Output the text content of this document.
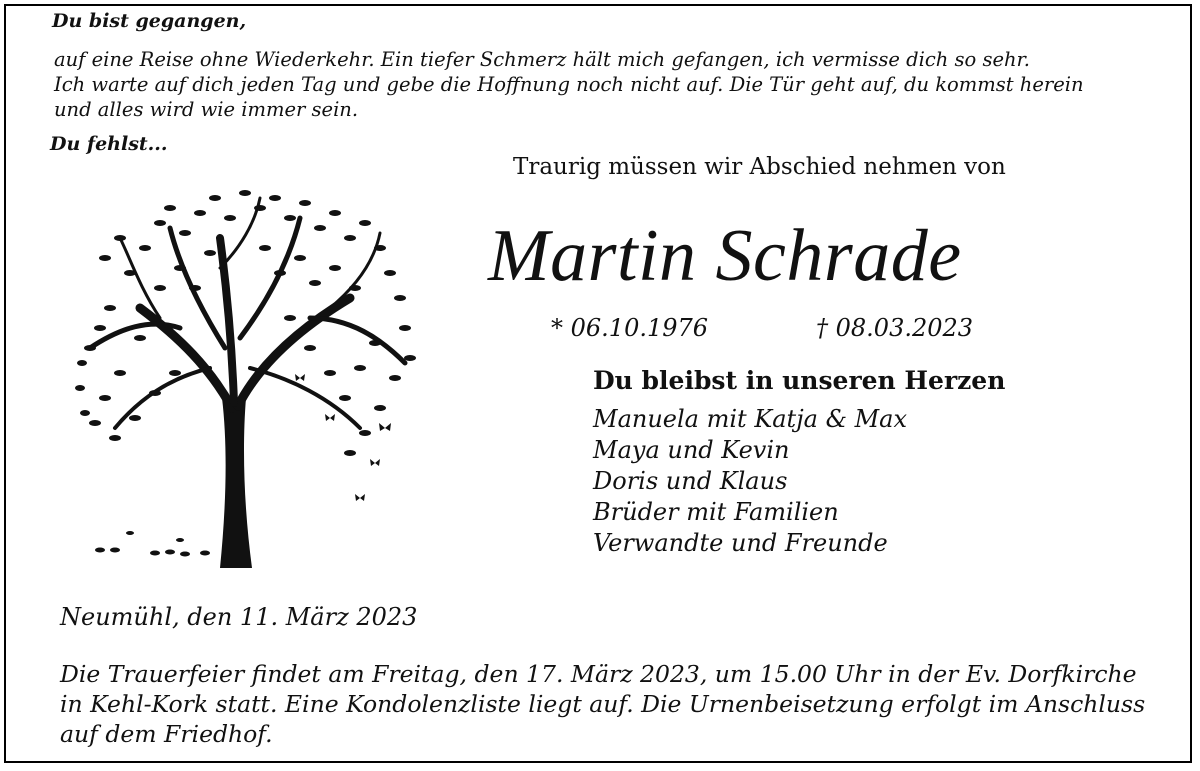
Du bist gegangen,
auf eine Reise ohne Wiederkehr. Ein tiefer Schmerz hält mich gefangen, ich vermisse dich so sehr.
Ich warte auf dich jeden Tag und gebe die Hoffnung noch nicht auf. Die Tür geht auf, du kommst herein
und alles wird wie immer sein.
Du fehlst...
Traurig müssen wir Abschied nehmen von
Martin Schrade
* 06.10.1976	† 08.03.2023
Du bleibst in unseren Herzen
Manuela mit Katja & Max
Maya und Kevin
Doris und Klaus
Brüder mit Familien
Verwandte und Freunde
Neumühl, den 11. März 2023
Die Trauerfeier findet am Freitag, den 17. März 2023, um 15.00 Uhr in der Ev. Dorfkirche
in Kehl-Kork statt. Eine Kondolenzliste liegt auf. Die Urnenbeisetzung erfolgt im Anschluss
auf dem Friedhof.
